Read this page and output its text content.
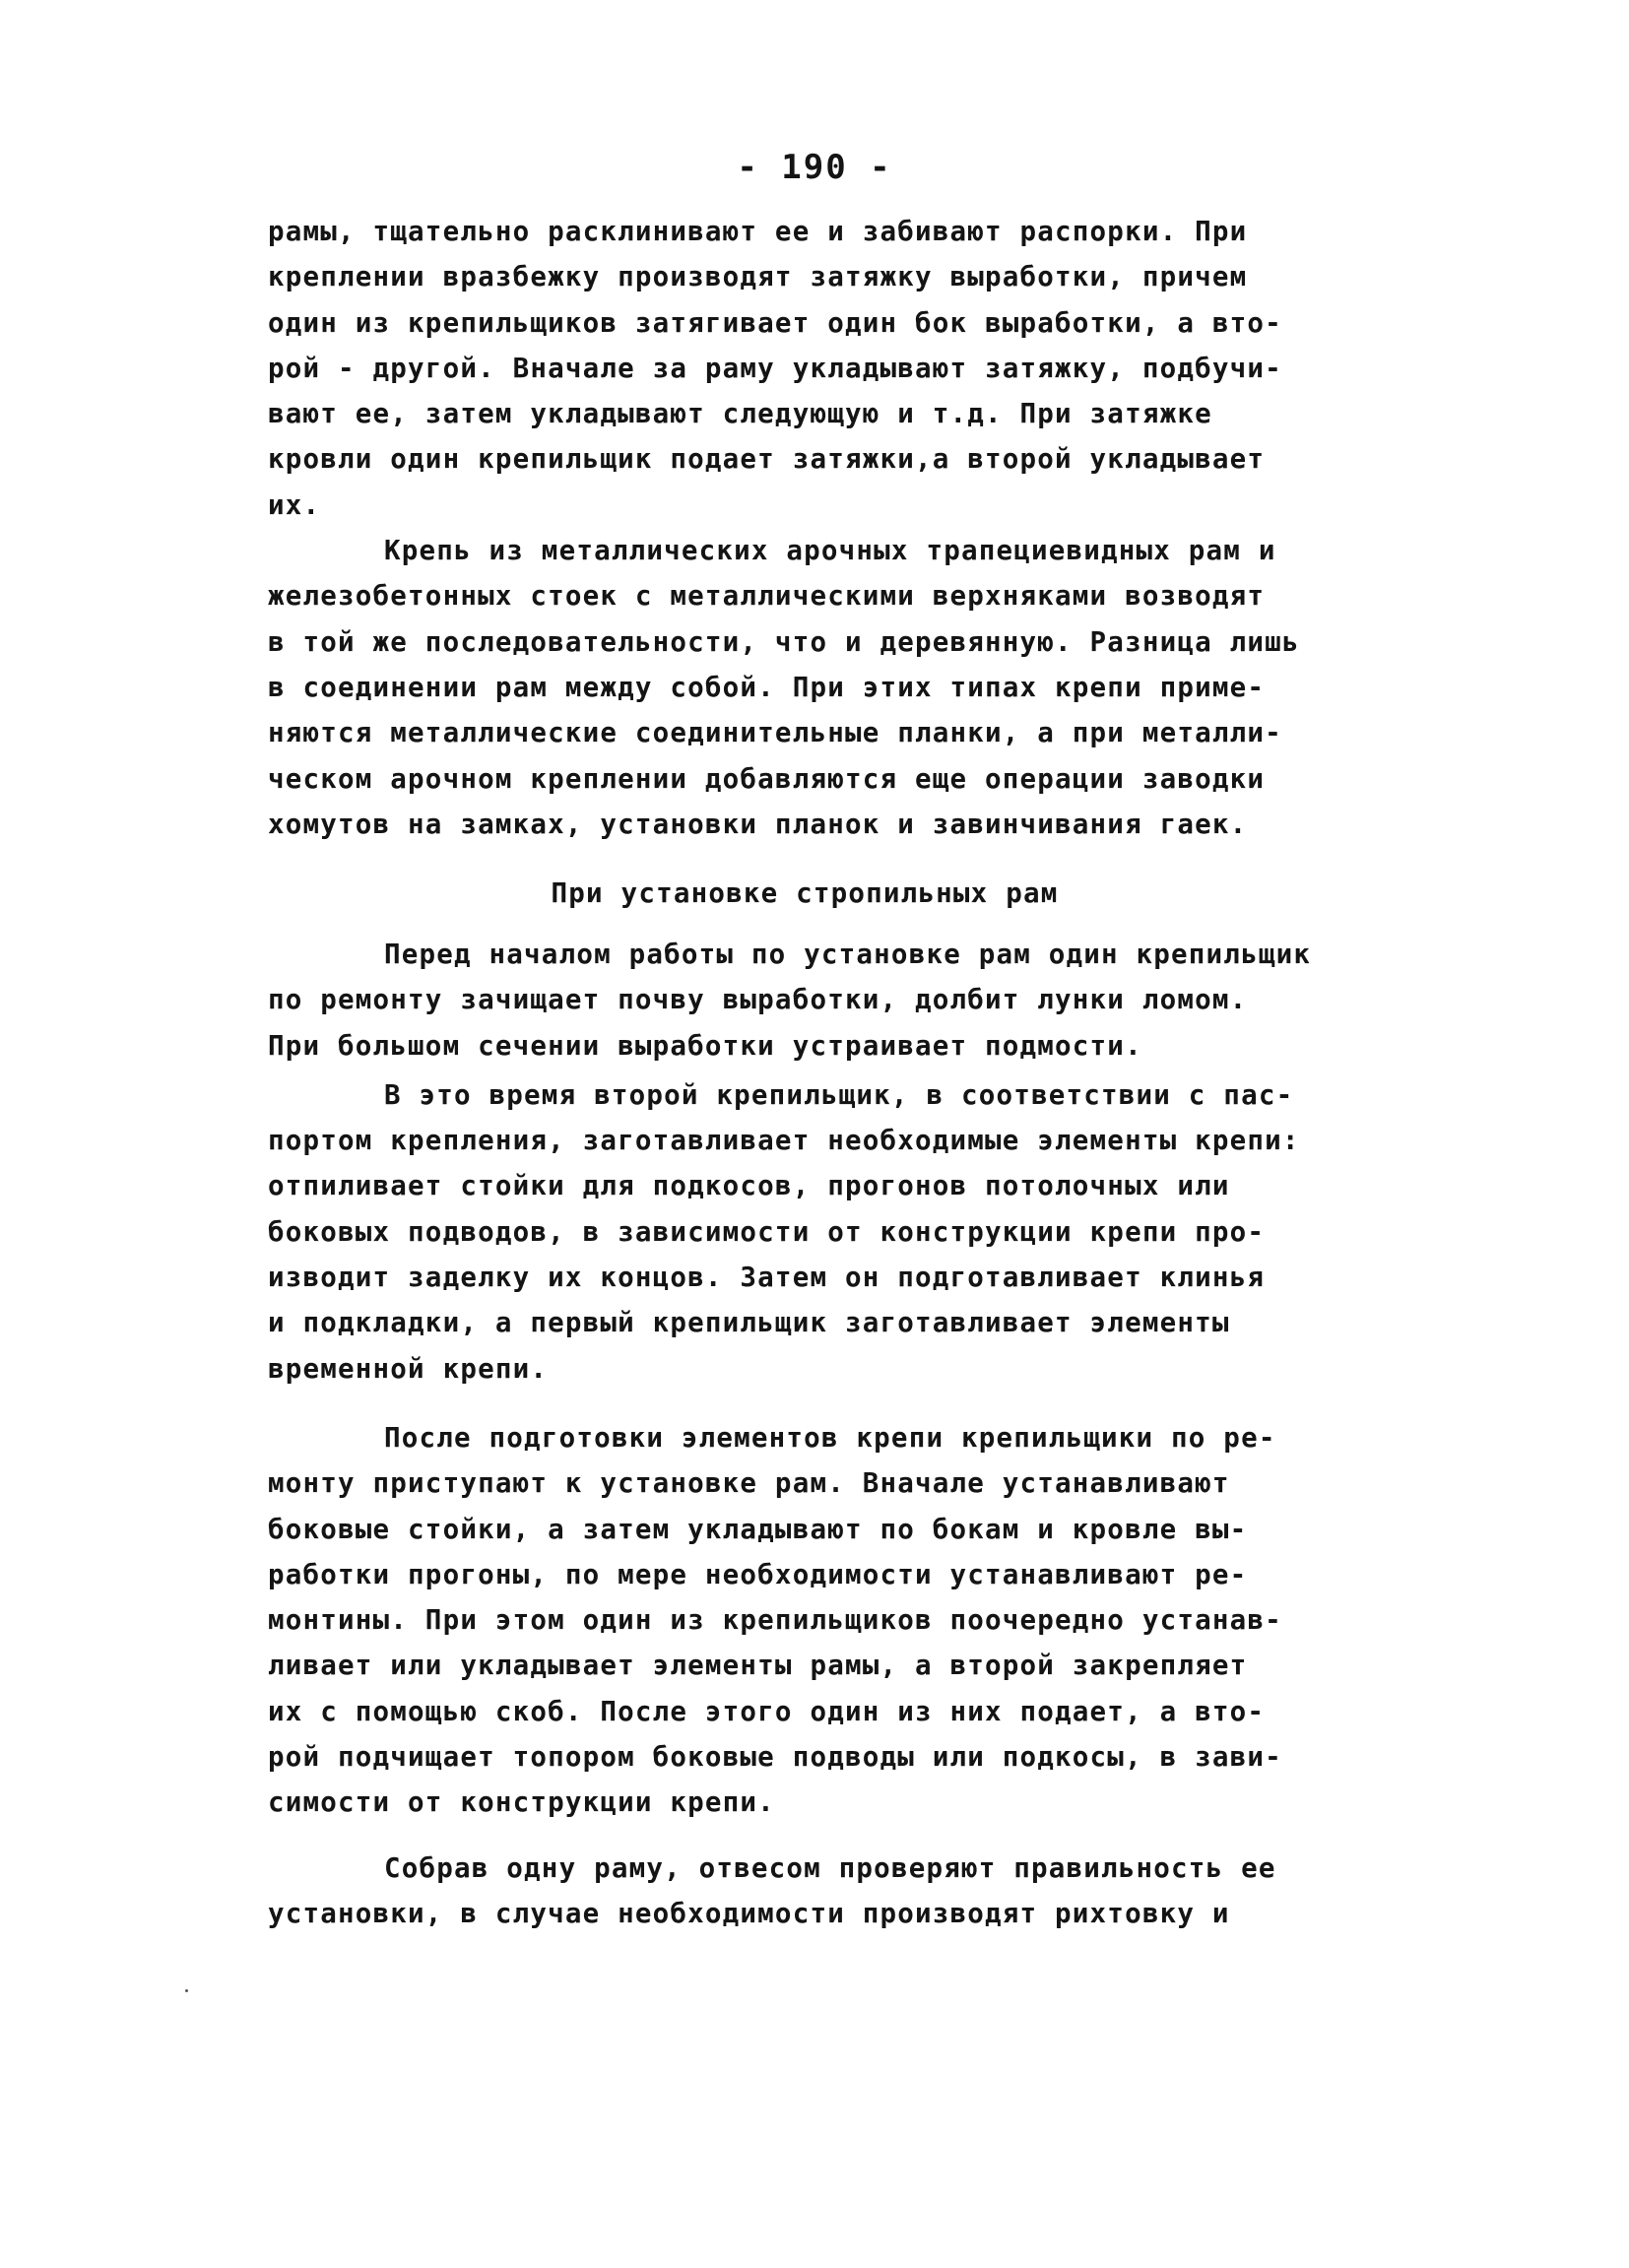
- 190 -
рамы, тщательно расклинивают ее и забивают распорки. При
креплении вразбежку производят затяжку выработки, причем
один из крепильщиков затягивает один бок выработки, а вто-
рой - другой. Вначале за раму укладывают затяжку, подбучи-
вают ее, затем укладывают следующую и т.д. При затяжке
кровли один крепильщик подает затяжки,а второй укладывает
их.
Крепь из металлических арочных трапециевидных рам и
железобетонных стоек с металлическими верхняками возводят
в той же последовательности, что и деревянную. Разница лишь
в соединении рам между собой. При этих типах крепи приме-
няются металлические соединительные планки, а при металли-
ческом арочном креплении добавляются еще операции заводки
хомутов на замках, установки планок и завинчивания гаек.
При установке стропильных рам
Перед началом работы по установке рам один крепильщик
по ремонту зачищает почву выработки, долбит лунки ломом.
При большом сечении выработки устраивает подмости.
В это время второй крепильщик, в соответствии с пас-
портом крепления, заготавливает необходимые элементы крепи:
отпиливает стойки для подкосов, прогонов потолочных или
боковых подводов, в зависимости от конструкции крепи про-
изводит заделку их концов. Затем он подготавливает клинья
и подкладки, а первый крепильщик заготавливает элементы
временной крепи.
После подготовки элементов крепи крепильщики по ре-
монту приступают к установке рам. Вначале устанавливают
боковые стойки, а затем укладывают по бокам и кровле вы-
работки прогоны, по мере необходимости устанавливают ре-
монтины. При этом один из крепильщиков поочередно устанав-
ливает или укладывает элементы рамы, а второй закрепляет
их с помощью скоб. После этого один из них подает, а вто-
рой подчищает топором боковые подводы или подкосы, в зави-
симости от конструкции крепи.
Собрав одну раму, отвесом проверяют правильность ее
установки, в случае необходимости производят рихтовку и
